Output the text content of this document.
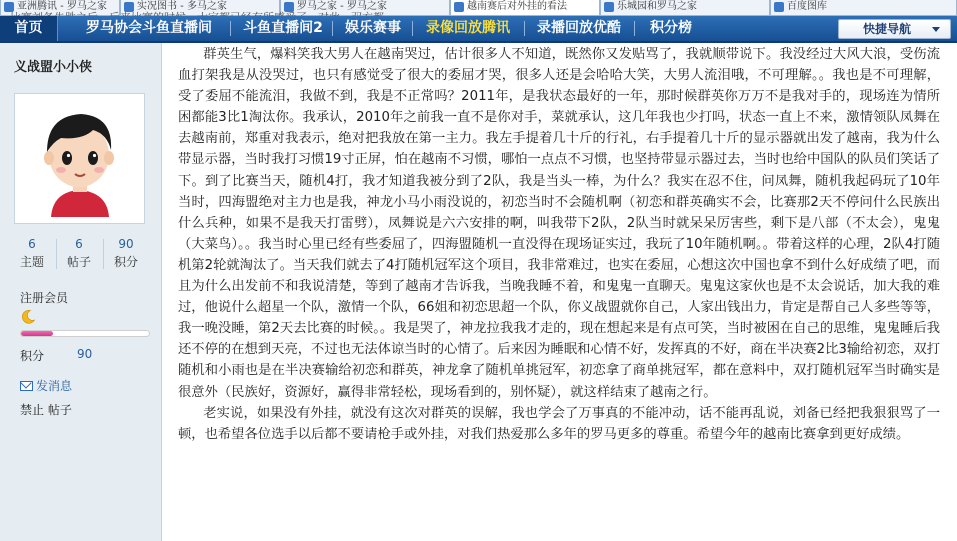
亚洲腾讯 - 罗马之家	实况图书 - 多马之家	罗马之家 - 罗马之家	越南赛后对外挂的看法	乐城园和罗马之家	百度图库
首页	罗马协会斗鱼直播间	斗鱼直播间2 娱乐赛事	录像回放腾讯	录播回放优酷	积分榜	快捷导航
义战盟小小侠
6
主题
6
帖子
90
积分
注册会员
积分	90
发消息
禁止 帖子

群英生气，爆料笑我大男人在越南哭过，估计很多人不知道，既然你又发贴骂了，我就顺带说下。我没经过大风大浪，受伤流血打架我是从没哭过，也只有感觉受了很大的委屈才哭，很多人还是会哈哈大笑，大男人流泪哦，不可理解。。我也是不可理解，受了委屈不能流泪，我做不到，我是不正常吗？2011年，是我状态最好的一年，那时候群英你万万不是我对手的，现场连为情所困都能3比1淘汰你。我承认，2010年之前我一直不是你对手，菜就承认，这几年我也少打吗，状态一直上不来，激情领队凤舞在去越南前，郑重对我表示，绝对把我放在第一主力。我左手提着几十斤的行礼，右手提着几十斤的显示器就出发了越南，我为什么带显示器，当时我打习惯19寸正屏，怕在越南不习惯，哪怕一点点不习惯，也坚持带显示器过去，当时也给中国队的队员们笑话了下。到了比赛当天，随机4打，我才知道我被分到了2队，我是当头一棒，为什么？我实在忍不住，问凤舞，随机我起码玩了10年当时，四海盟绝对主力也是我，神龙小马小雨没说的，初恋当时不会随机啊（初恋和群英确实不会，比赛那2天不停问什么民族出什么兵种，如果不是我天打雷劈），凤舞说是六六安排的啊，叫我带下2队，2队当时就呆呆厉害些，剩下是八部（不太会），鬼鬼（大菜鸟）。。我当时心里已经有些委屈了，四海盟随机一直没得在现场证实过，我玩了10年随机啊。。带着这样的心理，2队4打随机第2轮就淘汰了。当天我们就去了4打随机冠军这个项目，我非常难过，也实在委屈，心想这次中国也拿不到什么好成绩了吧，而且为什么出发前不和我说清楚，等到了越南才告诉我，当晚我睡不着，和鬼鬼一直聊天。鬼鬼这家伙也是不太会说话，加大我的难过，他说什么超星一个队，激情一个队，66姐和初恋思超一个队，你义战盟就你自己，人家出钱出力，肯定是帮自己人多些等等，我一晚没睡，第2天去比赛的时候。。我是哭了，神龙拉我我才走的，现在想起来是有点可笑，当时被困在自己的思维，鬼鬼睡后我还不停的在想到天亮，不过也无法体谅当时的心情了。后来因为睡眠和心情不好，发挥真的不好，商在半决赛2比3输给初恋，双打随机和小雨也是在半决赛输给初恋和群英，神龙拿了随机单挑冠军，初恋拿了商单挑冠军，都在意料中，双打随机冠军当时确实是很意外（民族好，资源好，赢得非常轻松，现场看到的，别怀疑），就这样结束了越南之行。

老实说，如果没有外挂，就没有这次对群英的误解，我也学会了万事真的不能冲动，话不能再乱说，刘备已经把我狠狠骂了一顿，也希望各位选手以后都不要请枪手或外挂，对我们热爱那么多年的罗马更多的尊重。希望今年的越南比赛拿到更好成绩。
